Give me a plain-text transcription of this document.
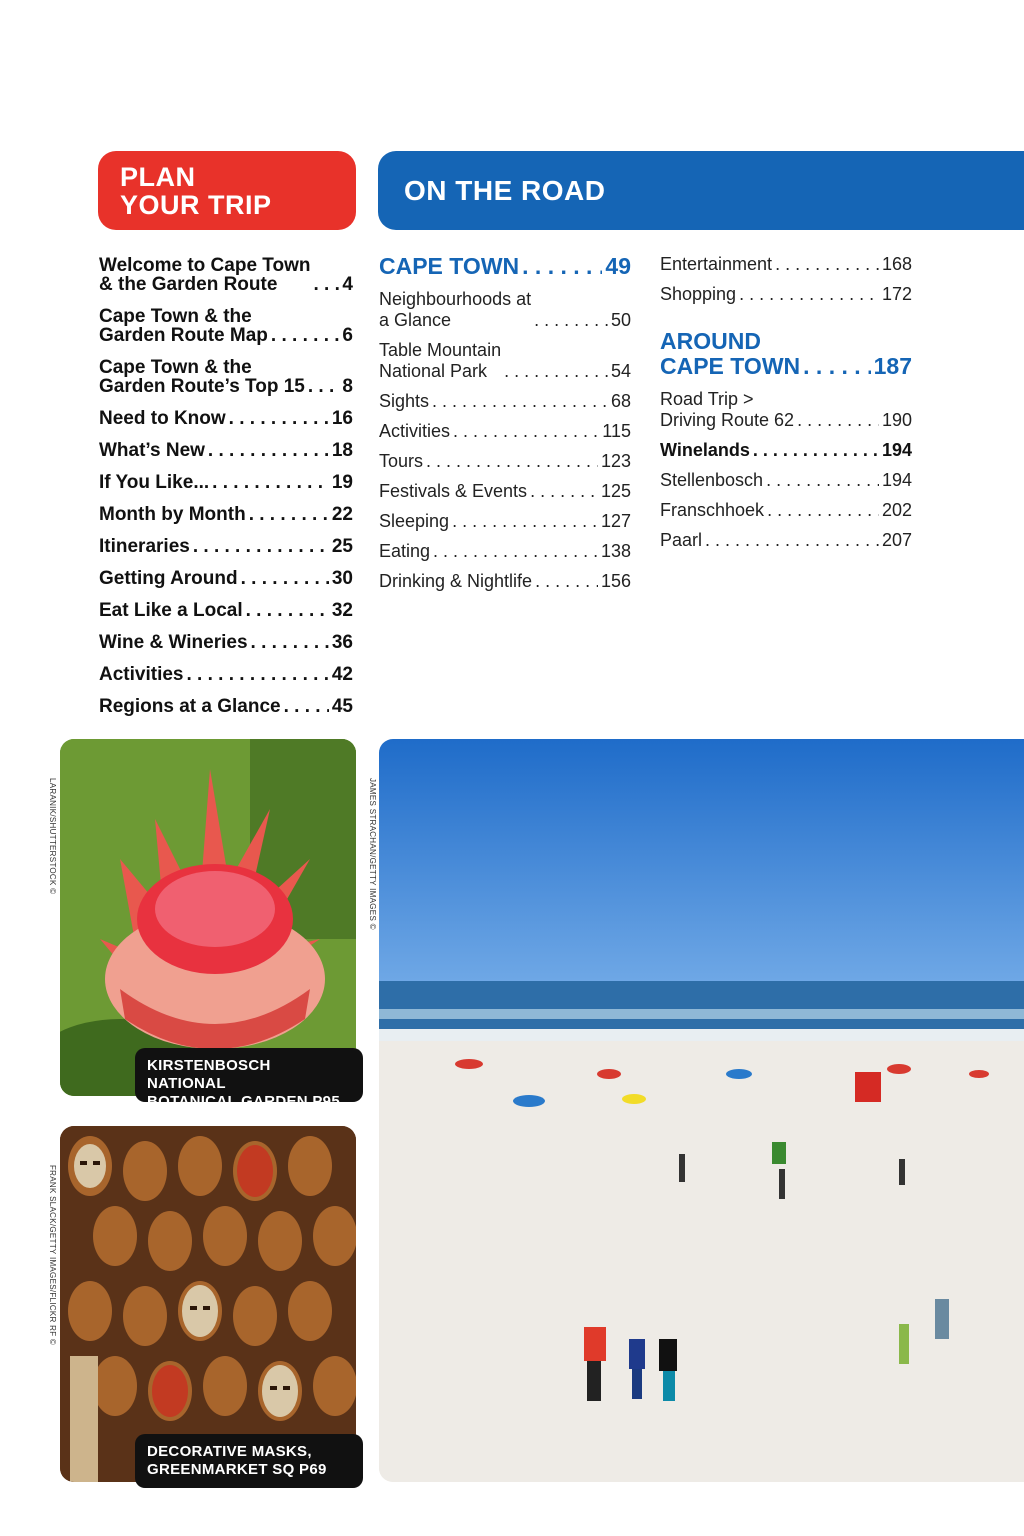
PLAN
YOUR TRIP	ON THE ROAD
Welcome to Cape Town
& the Garden Route . . .	4
Cape Town & the
Garden Route Map . . .	6
Cape Town & the
Garden Route’s Top 15 . . . 8
Need to Know . . .	16
What’s New . . .	18
If You Like... . . .	19
Month by Month . . .	22
Itineraries . . .	25
Getting Around . . .	30
Eat Like a Local . . .	32
Wine & Wineries . . .	36
Activities . . .	42
Regions at a Glance . . .	45
CAPE TOWN . . .	49
Neighbourhoods at
a Glance . . .	50
Table Mountain
National Park . . .	54
Sights . . .	68
Activities . . .	115
Tours . . .	123
Festivals & Events . . .	125
Sleeping . . .	127
Eating . . .	138
Drinking & Nightlife . . .	156
Entertainment . . .	168
Shopping . . .	172
AROUND
CAPE TOWN . . .	187
Road Trip >
Driving Route 62 . . .	190
Winelands . . .	194
Stellenbosch . . .	194
Franschhoek . . .	202
Paarl . . .	207
KIRSTENBOSCH NATIONAL
BOTANICAL GARDEN P95
DECORATIVE MASKS,
GREENMARKET SQ P69
LARANIK/SHUTTERSTOCK ©	JAMES STRACHAN/GETTY IMAGES ©
FRANK SLACK/GETTY IMAGES/FLICKR RF ©
